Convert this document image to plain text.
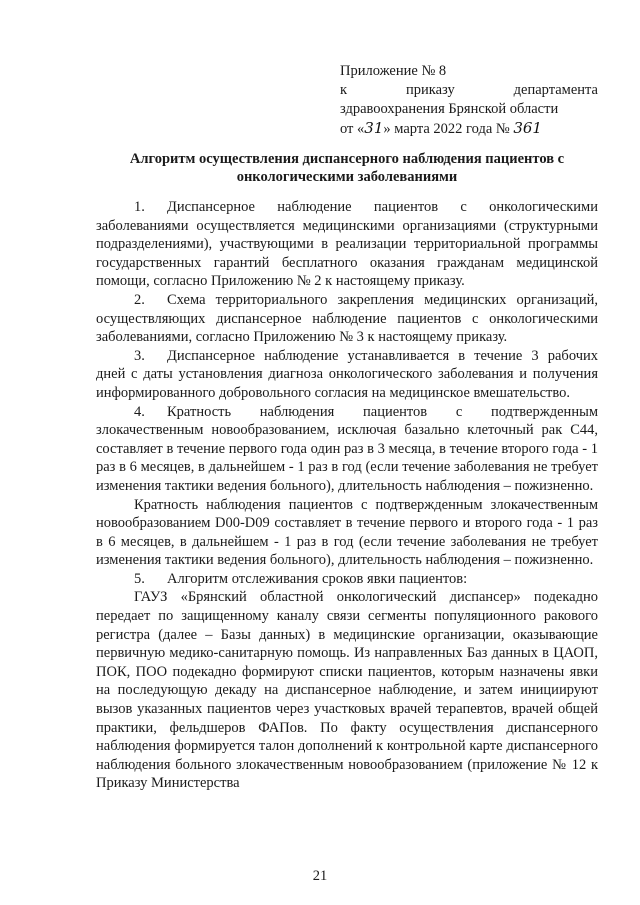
Приложение № 8
к	приказу	департамента
здравоохранения Брянской области
от «31» марта 2022 года № 361
Алгоритм осуществления диспансерного наблюдения пациентов с онкологическими заболеваниями

1. Диспансерное наблюдение пациентов с онкологическими заболеваниями осуществляется медицинскими организациями (структурными подразделениями), участвующими в реализации территориальной программы государственных гарантий бесплатного оказания гражданам медицинской помощи, согласно Приложению № 2 к настоящему приказу.

2. Схема территориального закрепления медицинских организаций, осуществляющих диспансерное наблюдение пациентов с онкологическими заболеваниями, согласно Приложению № 3 к настоящему приказу.

3. Диспансерное наблюдение устанавливается в течение 3 рабочих дней с даты установления диагноза онкологического заболевания и получения информированного добровольного согласия на медицинское вмешательство.

4. Кратность наблюдения пациентов с подтвержденным злокачественным новообразованием, исключая базально клеточный рак С44, составляет в течение первого года один раз в 3 месяца, в течение второго года - 1 раз в 6 месяцев, в дальнейшем - 1 раз в год (если течение заболевания не требует изменения тактики ведения больного), длительность наблюдения – пожизненно.

Кратность наблюдения пациентов с подтвержденным злокачественным новообразованием D00-D09 составляет в течение первого и второго года - 1 раз в 6 месяцев, в дальнейшем - 1 раз в год (если течение заболевания не требует изменения тактики ведения больного), длительность наблюдения – пожизненно.

5. Алгоритм отслеживания сроков явки пациентов:

ГАУЗ «Брянский областной онкологический диспансер» подекадно передает по защищенному каналу связи сегменты популяционного ракового регистра (далее – Базы данных) в медицинские организации, оказывающие первичную медико-санитарную помощь. Из направленных Баз данных в ЦАОП, ПОК, ПОО подекадно формируют списки пациентов, которым назначены явки на последующую декаду на диспансерное наблюдение, и затем инициируют вызов указанных пациентов через участковых врачей терапевтов, врачей общей практики, фельдшеров ФАПов. По факту осуществления диспансерного наблюдения формируется талон дополнений к контрольной карте диспансерного наблюдения больного злокачественным новообразованием (приложение № 12 к Приказу Министерства

21
